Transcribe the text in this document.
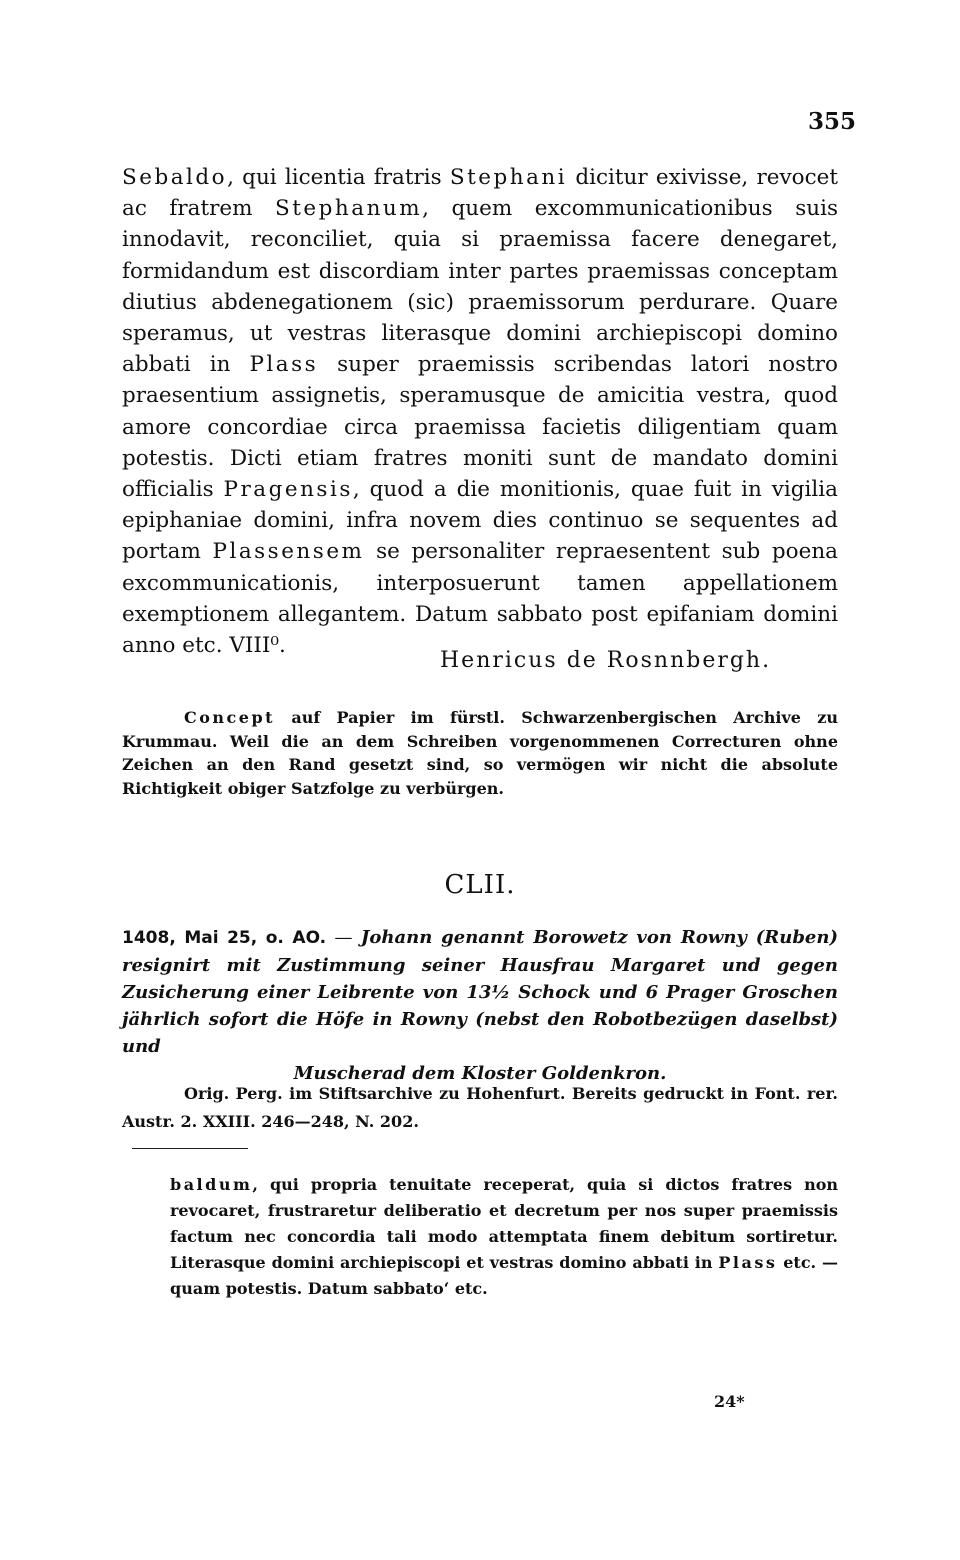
355

Sebaldo, qui licentia fratris Stephani dicitur exivisse, revocet ac fratrem Stephanum, quem excommunicationibus suis innodavit, reconciliet, quia si praemissa facere denegaret, formidandum est discordiam inter partes praemissas conceptam diutius abdenegationem (sic) praemissorum perdurare. Quare speramus, ut vestras literasque domini archiepiscopi domino abbati in Plass super praemissis scribendas latori nostro praesentium assignetis, speramusque de amicitia vestra, quod amore concordiae circa praemissa facietis diligentiam quam potestis. Dicti etiam fratres moniti sunt de mandato domini officialis Pragensis, quod a die monitionis, quae fuit in vigilia epiphaniae domini, infra novem dies continuo se sequentes ad portam Plassensem se personaliter repraesentent sub poena excommunicationis, interposuerunt tamen appellationem exemptionem allegantem. Datum sabbato post epifaniam domini anno etc. VIII⁰.

Henricus de Rosnnbergh.

Concept auf Papier im fürstl. Schwarzenbergischen Archive zu Krummau. Weil die an dem Schreiben vorgenommenen Correcturen ohne Zeichen an den Rand gesetzt sind, so vermögen wir nicht die absolute Richtigkeit obiger Satzfolge zu verbürgen.

CLII.

1408, Mai 25, o. AO. — Johann genannt Borowetz von Rowny (Ruben) resignirt mit Zustimmung seiner Hausfrau Margaret und gegen Zusicherung einer Leibrente von 13½ Schock und 6 Prager Groschen jährlich sofort die Höfe in Rowny (nebst den Robotbezügen daselbst) und
Muscherad dem Kloster Goldenkron.

Orig. Perg. im Stiftsarchive zu Hohenfurt. Bereits gedruckt in Font. rer. Austr. 2. XXIII. 246—248, N. 202.

baldum, qui propria tenuitate receperat, quia si dictos fratres non revocaret, frustraretur deliberatio et decretum per nos super praemissis factum nec concordia tali modo attemptata finem debitum sortiretur. Literasque domini archiepiscopi et vestras domino abbati in Plass etc. — quam potestis. Datum sabbato‘ etc.

24*
